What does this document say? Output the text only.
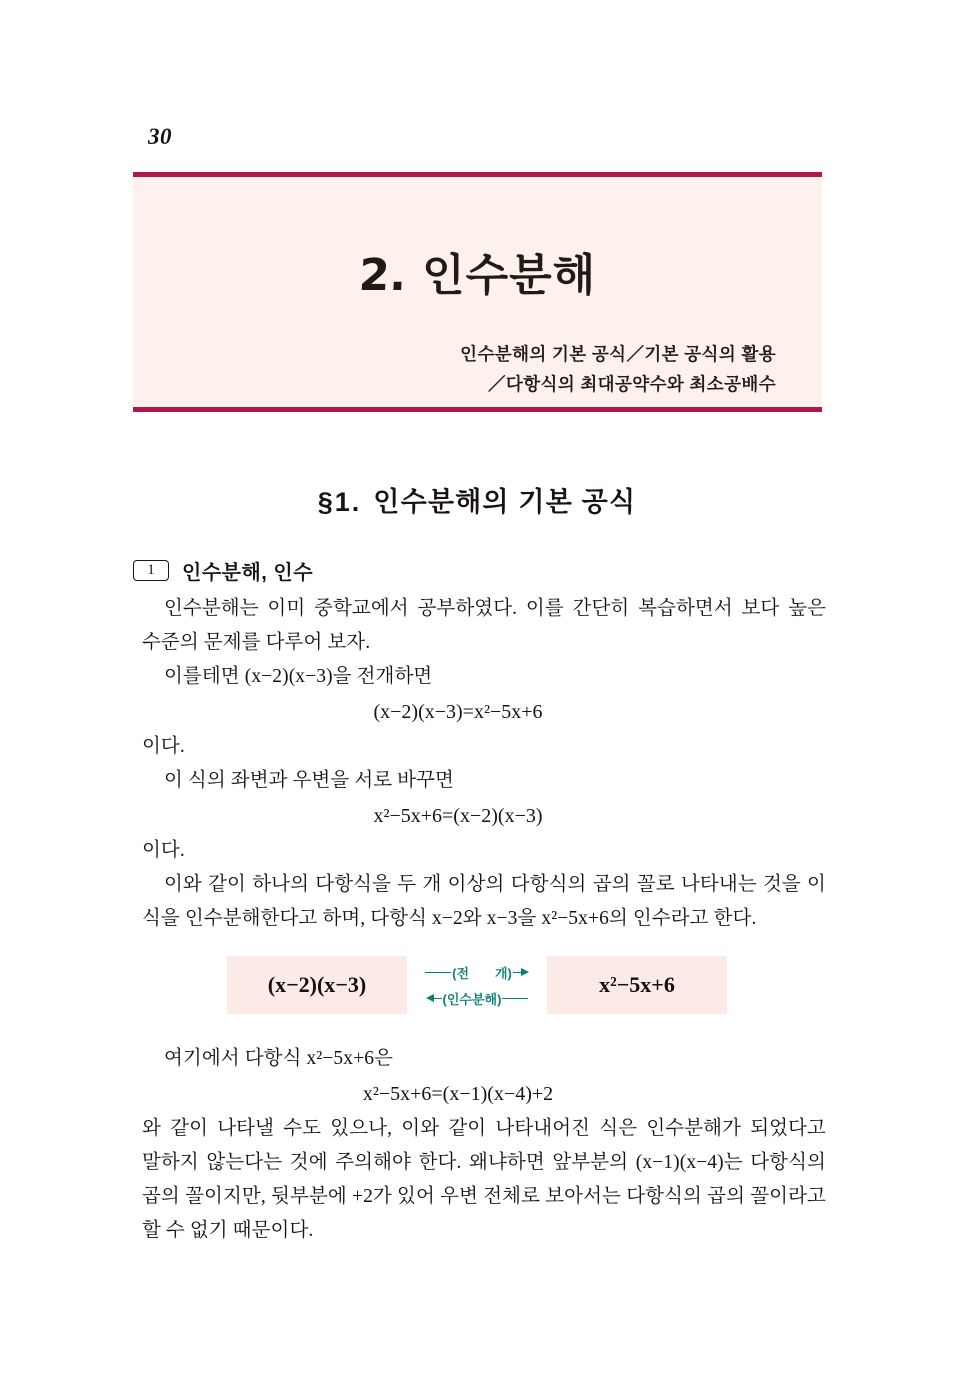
30
2. 인수분해
인수분해의 기본 공식／기본 공식의 활용
／다항식의 최대공약수와 최소공배수
§1. 인수분해의 기본 공식
1	인수분해, 인수

인수분해는 이미 중학교에서 공부하였다. 이를 간단히 복습하면서 보다 높은 수준의 문제를 다루어 보자.

이를테면 (x−2)(x−3)을 전개하면

(x−2)(x−3)=x²−5x+6

이다.

이 식의 좌변과 우변을 서로 바꾸면

x²−5x+6=(x−2)(x−3)

이다.

이와 같이 하나의 다항식을 두 개 이상의 다항식의 곱의 꼴로 나타내는 것을 이 식을 인수분해한다고 하며, 다항식 x−2와 x−3을 x²−5x+6의 인수라고 한다.

(x−2)(x−3)	(전　　개)
(인수분해)
x²−5x+6

여기에서 다항식 x²−5x+6은

x²−5x+6=(x−1)(x−4)+2

와 같이 나타낼 수도 있으나, 이와 같이 나타내어진 식은 인수분해가 되었다고 말하지 않는다는 것에 주의해야 한다. 왜냐하면 앞부분의 (x−1)(x−4)는 다항식의 곱의 꼴이지만, 뒷부분에 +2가 있어 우변 전체로 보아서는 다항식의 곱의 꼴이라고 할 수 없기 때문이다.
